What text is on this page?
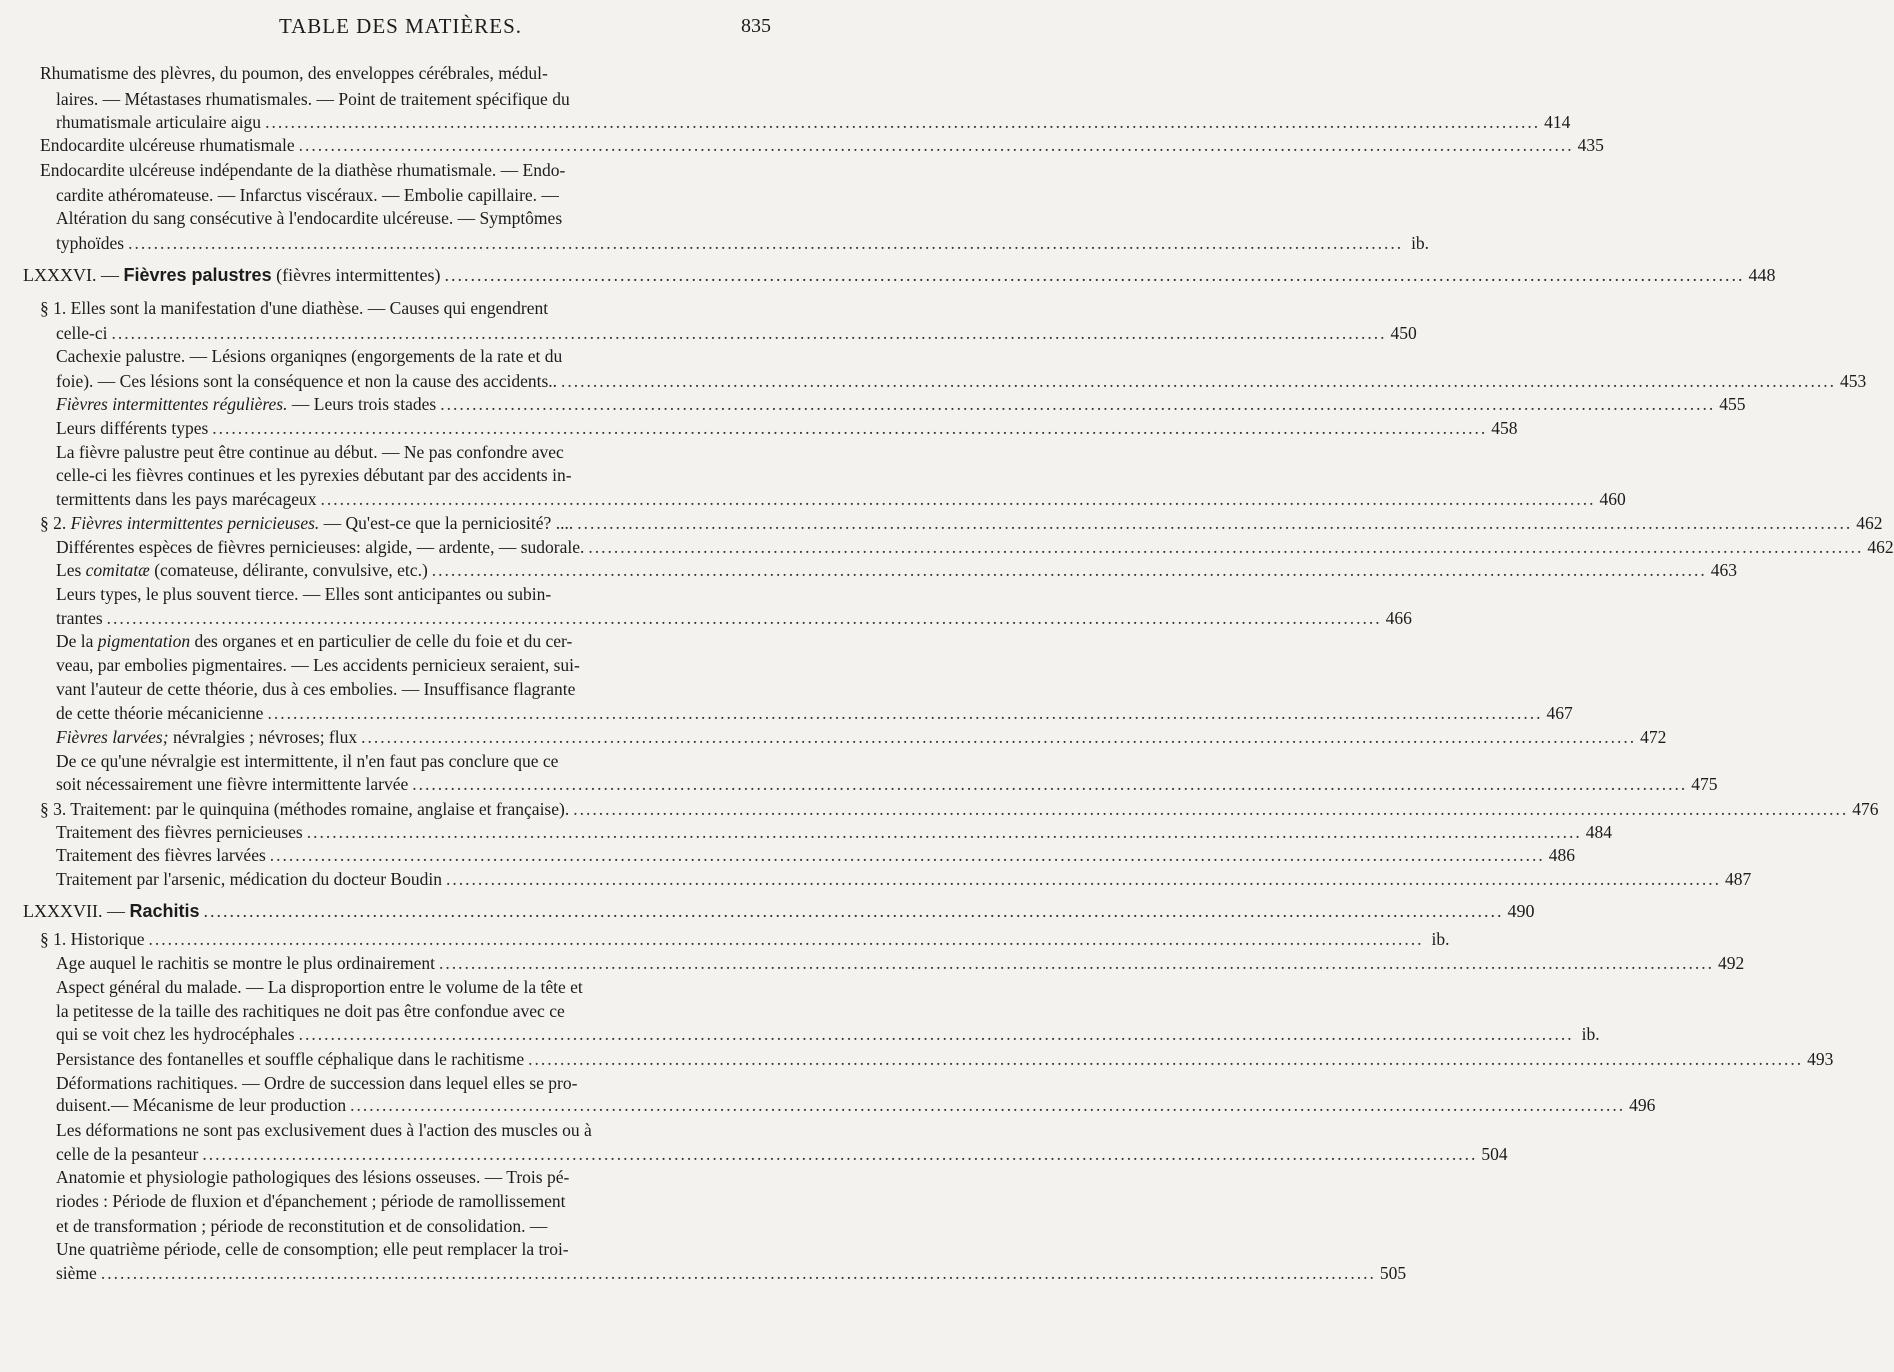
TABLE DES MATIÈRES.	835
Rhumatisme des plèvres, du poumon, des enveloppes cérébrales, médul-
laires. — Métastases rhumatismales. — Point de traitement spécifique du
rhumatismale articulaire aigu ........................................................................................................................................................................................................ 414
Endocardite ulcéreuse rhumatismale ........................................................................................................................................................................................................ 435
Endocardite ulcéreuse indépendante de la diathèse rhumatismale. — Endo-
cardite athéromateuse. — Infarctus viscéraux. — Embolie capillaire. —
Altération du sang consécutive à l'endocardite ulcéreuse. — Symptômes
typhoïdes ........................................................................................................................................................................................................ ib.
LXXXVI. — Fièvres palustres (fièvres intermittentes) ........................................................................................................................................................................................................ 448
§ 1. Elles sont la manifestation d'une diathèse. — Causes qui engendrent
celle-ci ........................................................................................................................................................................................................ 450
Cachexie palustre. — Lésions organiqnes (engorgements de la rate et du
foie). — Ces lésions sont la conséquence et non la cause des accidents.. ........................................................................................................................................................................................................ 453
Fièvres intermittentes régulières. — Leurs trois stades ........................................................................................................................................................................................................ 455
Leurs différents types ........................................................................................................................................................................................................ 458
La fièvre palustre peut être continue au début. — Ne pas confondre avec
celle-ci les fièvres continues et les pyrexies débutant par des accidents in-
termittents dans les pays marécageux ........................................................................................................................................................................................................ 460
§ 2. Fièvres intermittentes pernicieuses. — Qu'est-ce que la perniciosité? .... ........................................................................................................................................................................................................ 462
Différentes espèces de fièvres pernicieuses: algide, — ardente, — sudorale. ........................................................................................................................................................................................................ 462
Les comitatæ (comateuse, délirante, convulsive, etc.) ........................................................................................................................................................................................................ 463
Leurs types, le plus souvent tierce. — Elles sont anticipantes ou subin-
trantes ........................................................................................................................................................................................................ 466
De la pigmentation des organes et en particulier de celle du foie et du cer-
veau, par embolies pigmentaires. — Les accidents pernicieux seraient, sui-
vant l'auteur de cette théorie, dus à ces embolies. — Insuffisance flagrante
de cette théorie mécanicienne ........................................................................................................................................................................................................ 467
Fièvres larvées; névralgies ; névroses; flux ........................................................................................................................................................................................................ 472
De ce qu'une névralgie est intermittente, il n'en faut pas conclure que ce
soit nécessairement une fièvre intermittente larvée ........................................................................................................................................................................................................ 475
§ 3. Traitement: par le quinquina (méthodes romaine, anglaise et française). ........................................................................................................................................................................................................ 476
Traitement des fièvres pernicieuses ........................................................................................................................................................................................................ 484
Traitement des fièvres larvées ........................................................................................................................................................................................................ 486
Traitement par l'arsenic, médication du docteur Boudin ........................................................................................................................................................................................................ 487
LXXXVII. — Rachitis ........................................................................................................................................................................................................ 490
§ 1. Historique ........................................................................................................................................................................................................ ib.
Age auquel le rachitis se montre le plus ordinairement ........................................................................................................................................................................................................ 492
Aspect général du malade. — La disproportion entre le volume de la tête et
la petitesse de la taille des rachitiques ne doit pas être confondue avec ce
qui se voit chez les hydrocéphales ........................................................................................................................................................................................................ ib.
Persistance des fontanelles et souffle céphalique dans le rachitisme ........................................................................................................................................................................................................ 493
Déformations rachitiques. — Ordre de succession dans lequel elles se pro-
duisent.— Mécanisme de leur production ........................................................................................................................................................................................................ 496
Les déformations ne sont pas exclusivement dues à l'action des muscles ou à
celle de la pesanteur ........................................................................................................................................................................................................ 504
Anatomie et physiologie pathologiques des lésions osseuses. — Trois pé-
riodes : Période de fluxion et d'épanchement ; période de ramollissement
et de transformation ; période de reconstitution et de consolidation. —
Une quatrième période, celle de consomption; elle peut remplacer la troi-
sième ........................................................................................................................................................................................................ 505
